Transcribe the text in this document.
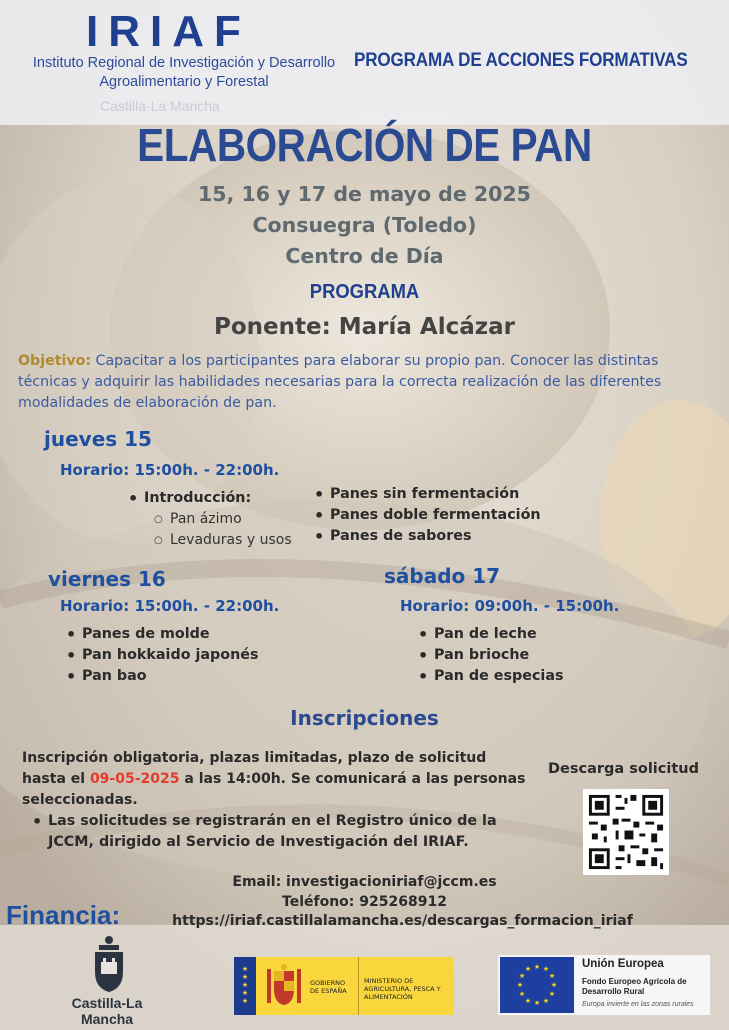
IRIAF
Instituto Regional de Investigación y Desarrollo
Agroalimentario y Forestal
Castilla-La Mancha
PROGRAMA DE ACCIONES FORMATIVAS
ELABORACIÓN DE PAN
15, 16 y 17 de mayo de 2025
Consuegra (Toledo)
Centro de Día
PROGRAMA
Ponente: María Alcázar
Objetivo: Capacitar a los participantes para elaborar su propio pan. Conocer las distintas técnicas y adquirir las habilidades necesarias para la correcta realización de las diferentes modalidades de elaboración de pan.
jueves 15
Horario: 15:00h. - 22:00h.
• Introducción:
○ Pan ázimo
○ Levaduras y usos
• Panes sin fermentación
• Panes doble fermentación
• Panes de sabores
viernes 16
Horario: 15:00h. - 22:00h.
• Panes de molde
• Pan hokkaido japonés
• Pan bao
sábado 17
Horario: 09:00h. - 15:00h.
• Pan de leche
• Pan brioche
• Pan de especias
Inscripciones
Inscripción obligatoria, plazas limitadas, plazo de solicitud hasta el 09-05-2025 a las 14:00h. Se comunicará a las personas seleccionadas.
• Las solicitudes se registrarán en el Registro único de la JCCM, dirigido al Servicio de Investigación del IRIAF.
Descarga solicitud
Email: investigacioniriaf@jccm.es
Teléfono: 925268912
https://iriaf.castillalamancha.es/descargas_formacion_iriaf
Financia:
Castilla-La Mancha
★
★
★
★
★
GOBIERNO DE ESPAÑA
MINISTERIO DE AGRICULTURA, PESCA Y ALIMENTACIÓN
★ ★
★
★
★
★
★
★
★
★
★
★	Unión Europea
Fondo Europeo Agrícola de Desarrollo Rural
Europa invierte en las zonas rurales
